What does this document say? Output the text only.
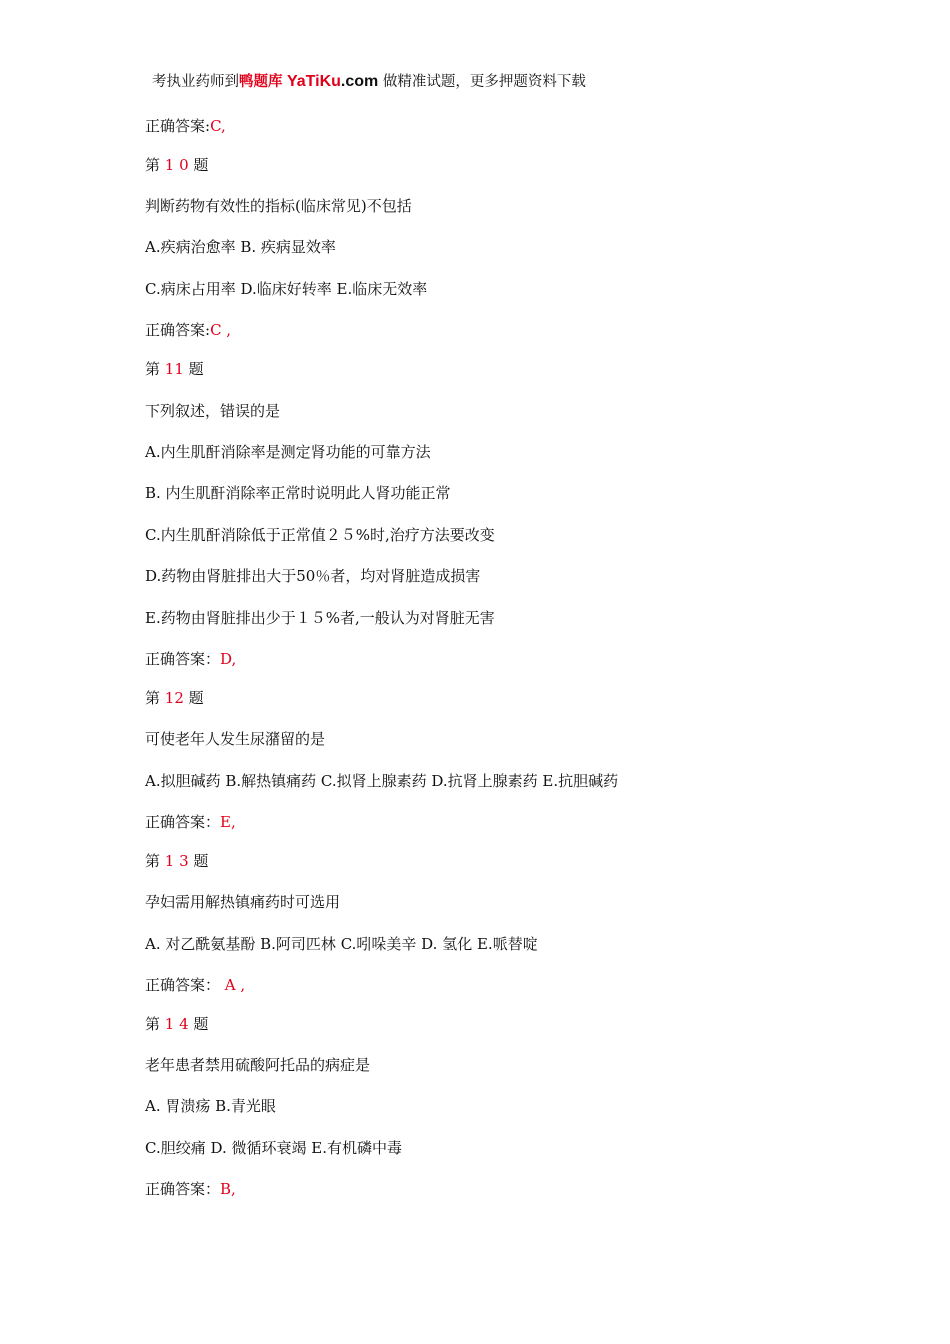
考执业药师到鸭题库 YaTiKu.com 做精准试题，更多押题资料下载
正确答案:C,
第 1 0 题
判断药物有效性的指标(临床常见)不包括
A.疾病治愈率 B. 疾病显效率
C.病床占用率 D.临床好转率 E.临床无效率
正确答案:C ,
第 11 题
下列叙述，错误的是
A.内生肌酐消除率是测定肾功能的可靠方法
B. 内生肌酐消除率正常时说明此人肾功能正常
C.内生肌酐消除低于正常值２５%时,治疗方法要改变
D.药物由肾脏排出大于50％者，均对肾脏造成损害
E.药物由肾脏排出少于１５%者,一般认为对肾脏无害
正确答案：D,
第 12 题
可使老年人发生尿潴留的是
A.拟胆碱药 B.解热镇痛药 C.拟肾上腺素药 D.抗肾上腺素药 E.抗胆碱药
正确答案：E,
第 1 3 题
孕妇需用解热镇痛药时可选用
A. 对乙酰氨基酚 B.阿司匹林 C.吲哚美辛 D. 氢化 E.哌替啶
正确答案： A ,
第 1 4 题
老年患者禁用硫酸阿托品的病症是
A. 胃溃疡 B.青光眼
C.胆绞痛 D. 微循环衰竭 E.有机磷中毒
正确答案：B,
